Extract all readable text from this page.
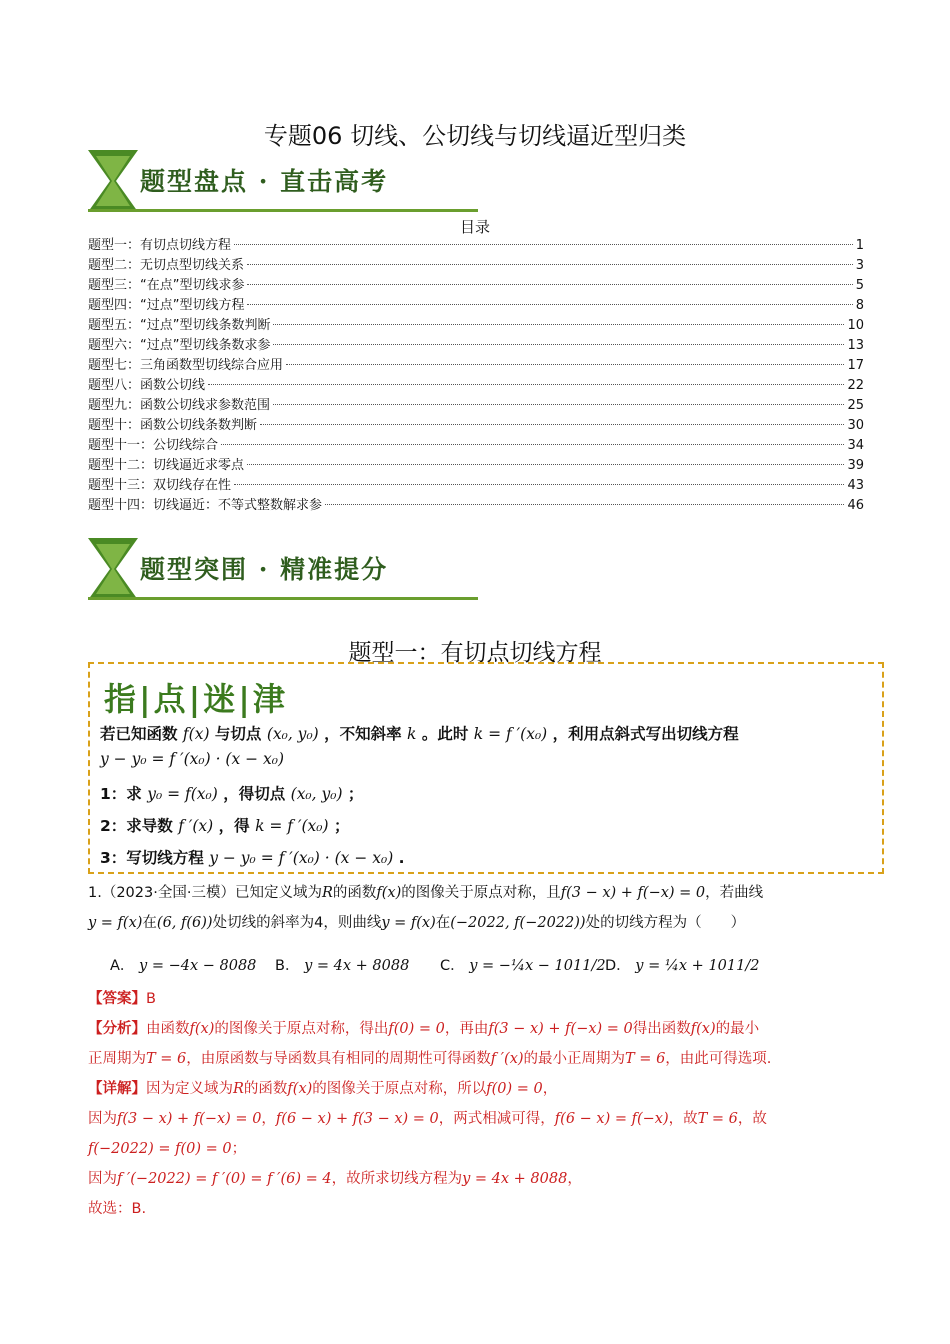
专题06 切线、公切线与切线逼近型归类
题型盘点 · 直击高考
目录
题型一：有切点切线方程	1
题型二：无切点型切线关系	3
题型三：“在点”型切线求参	5
题型四：“过点”型切线方程	8
题型五：“过点”型切线条数判断	10
题型六：“过点”型切线条数求参	13
题型七：三角函数型切线综合应用	17
题型八：函数公切线	22
题型九：函数公切线求参数范围	25
题型十：函数公切线条数判断	30
题型十一：公切线综合	34
题型十二：切线逼近求零点	39
题型十三：双切线存在性	43
题型十四：切线逼近：不等式整数解求参	46
题型突围 · 精准提分
题型一：有切点切线方程
指|点|迷|津
若已知函数 f(x) 与切点 (x₀, y₀) ，不知斜率 k 。此时 k = f ′(x₀) ，利用点斜式写出切线方程
y − y₀ = f ′(x₀) · (x − x₀)
1：求 y₀ = f(x₀) ，得切点 (x₀, y₀) ；
2：求导数 f ′(x) ，得 k = f ′(x₀) ；
3：写切线方程 y − y₀ = f ′(x₀) · (x − x₀) .
1.（2023·全国·三模）已知定义域为R的函数f(x)的图像关于原点对称，且f(3 − x) + f(−x) = 0，若曲线
y = f(x)在(6, f(6))处切线的斜率为4，则曲线y = f(x)在(−2022, f(−2022))处的切线方程为（　　）
A． y = −4x − 8088	B． y = 4x + 8088	C． y = −¼x − 1011/2 D． y = ¼x + 1011/2
【答案】B
【分析】由函数f(x)的图像关于原点对称，得出f(0) = 0，再由f(3 − x) + f(−x) = 0得出函数f(x)的最小
正周期为T = 6，由原函数与导函数具有相同的周期性可得函数f ′(x)的最小正周期为T = 6，由此可得选项.
【详解】因为定义域为R的函数f(x)的图像关于原点对称，所以f(0) = 0，
因为f(3 − x) + f(−x) = 0，f(6 − x) + f(3 − x) = 0，两式相减可得，f(6 − x) = f(−x)，故T = 6，故
f(−2022) = f(0) = 0；
因为f ′(−2022) = f ′(0) = f ′(6) = 4，故所求切线方程为y = 4x + 8088，
故选：B.
